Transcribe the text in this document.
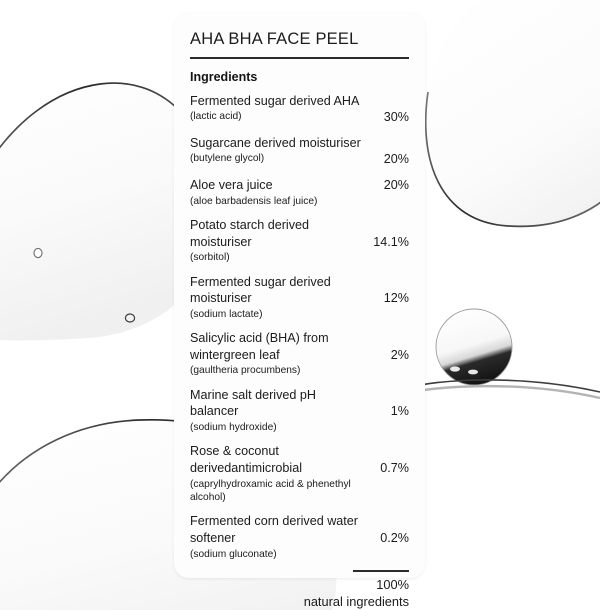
AHA BHA FACE PEEL
Ingredients
Fermented sugar derived AHA
(lactic acid)	30%
Sugarcane derived moisturiser
(butylene glycol)	20%
Aloe vera juice
(aloe barbadensis leaf juice)
20%
Potato starch derived moisturiser
(sorbitol)
14.1%
Fermented sugar derived moisturiser
(sodium lactate)
12%
Salicylic acid (BHA) from wintergreen leaf
(gaultheria procumbens)
2%
Marine salt derived pH balancer
(sodium hydroxide)
1%
Rose & coconut derivedantimicrobial
(caprylhydroxamic acid & phenethyl alcohol)
0.7%
Fermented corn derived water softener
(sodium gluconate)
0.2%
100%
natural ingredients
